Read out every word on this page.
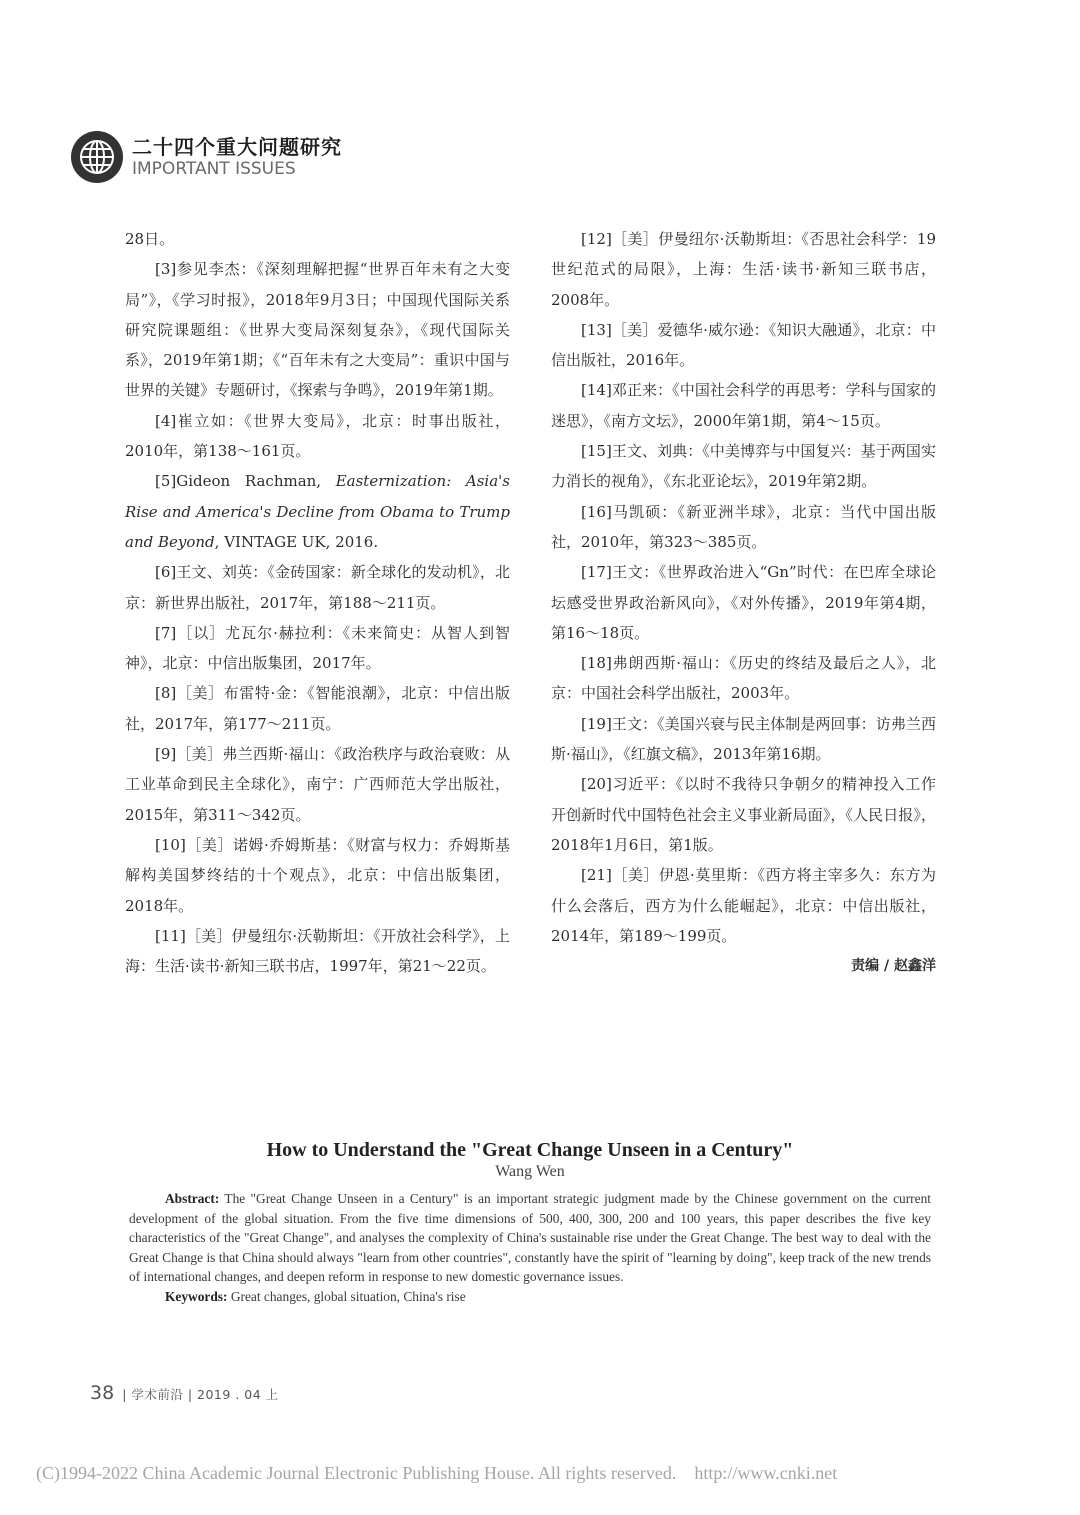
二十四个重大问题研究
IMPORTANT ISSUES

28日。

[3]参见李杰：《深刻理解把握“世界百年未有之大变局”》，《学习时报》，2018年9月3日；中国现代国际关系研究院课题组：《世界大变局深刻复杂》，《现代国际关系》，2019年第1期；《“百年未有之大变局”：重识中国与世界的关键》专题研讨，《探索与争鸣》，2019年第1期。

[4]崔立如：《世界大变局》，北京：时事出版社，2010年，第138～161页。

[5]Gideon Rachman, Easternization: Asia's Rise and America's Decline from Obama to Trump and Beyond, VINTAGE UK, 2016.

[6]王文、刘英：《金砖国家：新全球化的发动机》，北京：新世界出版社，2017年，第188～211页。

[7]［以］尤瓦尔·赫拉利：《未来简史：从智人到智神》，北京：中信出版集团，2017年。

[8]［美］布雷特·金：《智能浪潮》，北京：中信出版社，2017年，第177～211页。

[9]［美］弗兰西斯·福山：《政治秩序与政治衰败：从工业革命到民主全球化》，南宁：广西师范大学出版社，2015年，第311～342页。

[10]［美］诺姆·乔姆斯基：《财富与权力：乔姆斯基解构美国梦终结的十个观点》，北京：中信出版集团，2018年。

[11]［美］伊曼纽尔·沃勒斯坦：《开放社会科学》，上海：生活·读书·新知三联书店，1997年，第21～22页。

[12]［美］伊曼纽尔·沃勒斯坦：《否思社会科学：19世纪范式的局限》，上海：生活·读书·新知三联书店，2008年。

[13]［美］爱德华·威尔逊：《知识大融通》，北京：中信出版社，2016年。

[14]邓正来：《中国社会科学的再思考：学科与国家的迷思》，《南方文坛》，2000年第1期，第4～15页。

[15]王文、刘典：《中美博弈与中国复兴：基于两国实力消长的视角》，《东北亚论坛》，2019年第2期。

[16]马凯硕：《新亚洲半球》，北京：当代中国出版社，2010年，第323～385页。

[17]王文：《世界政治进入“Gn”时代：在巴库全球论坛感受世界政治新风向》，《对外传播》，2019年第4期，第16～18页。

[18]弗朗西斯·福山：《历史的终结及最后之人》，北京：中国社会科学出版社，2003年。

[19]王文：《美国兴衰与民主体制是两回事：访弗兰西斯·福山》，《红旗文稿》，2013年第16期。

[20]习近平：《以时不我待只争朝夕的精神投入工作 开创新时代中国特色社会主义事业新局面》，《人民日报》，2018年1月6日，第1版。

[21]［美］伊恩·莫里斯：《西方将主宰多久：东方为什么会落后，西方为什么能崛起》，北京：中信出版社，2014年，第189～199页。

责编 / 赵鑫洋

How to Understand the "Great Change Unseen in a Century"
Wang Wen

Abstract: The "Great Change Unseen in a Century" is an important strategic judgment made by the Chinese government on the current development of the global situation. From the five time dimensions of 500, 400, 300, 200 and 100 years, this paper describes the five key characteristics of the "Great Change", and analyses the complexity of China's sustainable rise under the Great Change. The best way to deal with the Great Change is that China should always "learn from other countries", constantly have the spirit of "learning by doing", keep track of the new trends of international changes, and deepen reform in response to new domestic governance issues.

Keywords: Great changes, global situation, China's rise

38 | 学术前沿 | 2019 . 04 上
(C)1994-2022 China Academic Journal Electronic Publishing House. All rights reserved. http://www.cnki.net
